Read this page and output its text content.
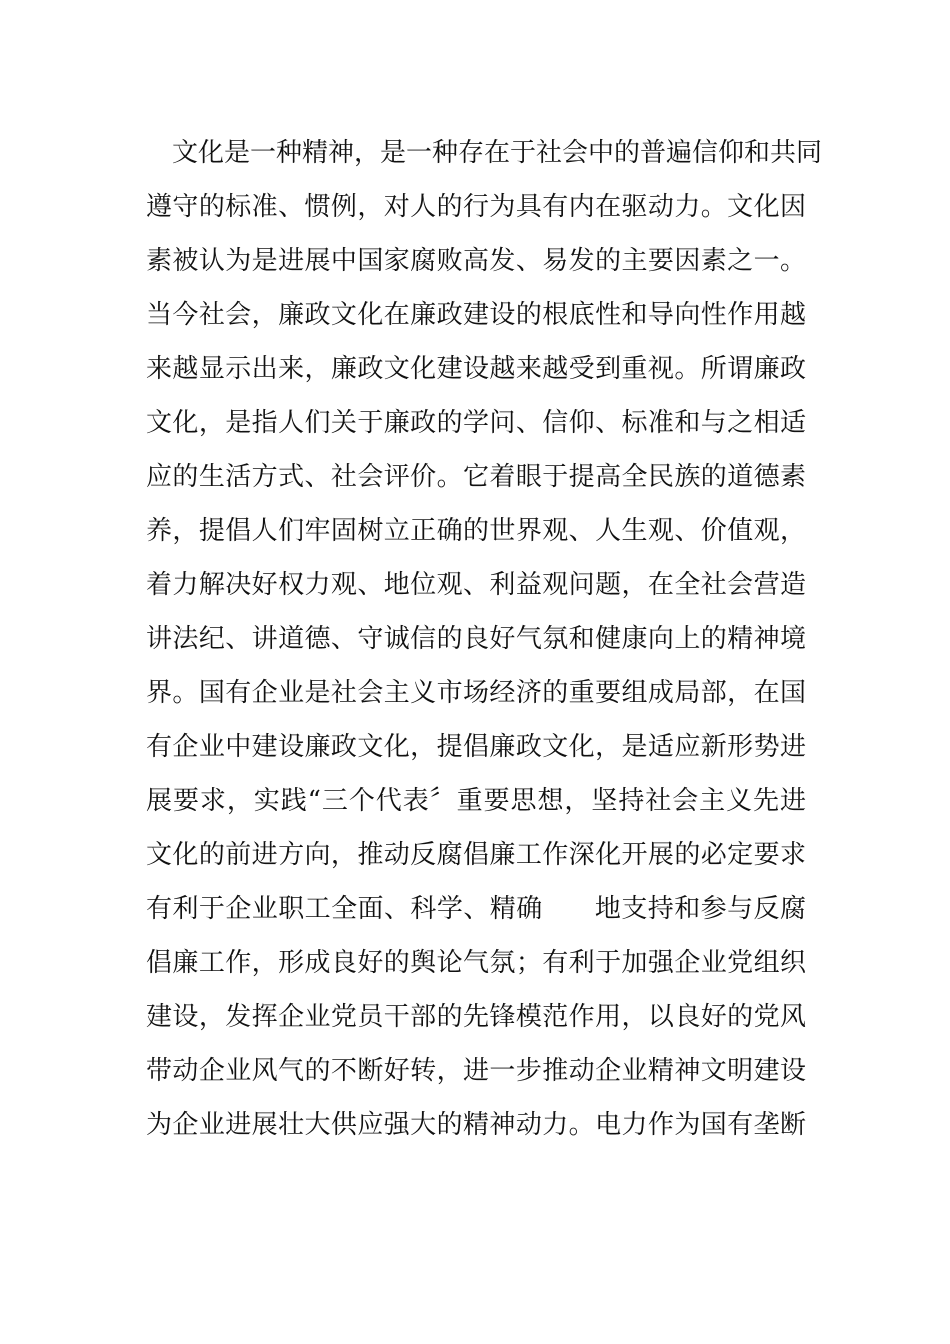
文化是一种精神，是一种存在于社会中的普遍信仰和共同
遵守的标准、惯例，对人的行为具有内在驱动力。文化因
素被认为是进展中国家腐败高发、易发的主要因素之一。
当今社会，廉政文化在廉政建设的根底性和导向性作用越
来越显示出来，廉政文化建设越来越受到重视。所谓廉政
文化，是指人们关于廉政的学问、信仰、标准和与之相适
应的生活方式、社会评价。它着眼于提高全民族的道德素
养，提倡人们牢固树立正确的世界观、人生观、价值观，
着力解决好权力观、地位观、利益观问题，在全社会营造
讲法纪、讲道德、守诚信的良好气氛和健康向上的精神境
界。国有企业是社会主义市场经济的重要组成局部，在国
有企业中建设廉政文化，提倡廉政文化，是适应新形势进
展要求，实践“三个代表〞重要思想，坚持社会主义先进
文化的前进方向，推动反腐倡廉工作深化开展的必定要求
有利于企业职工全面、科学、精确      地支持和参与反腐
倡廉工作，形成良好的舆论气氛；有利于加强企业党组织
建设，发挥企业党员干部的先锋模范作用，以良好的党风
带动企业风气的不断好转，进一步推动企业精神文明建设
为企业进展壮大供应强大的精神动力。电力作为国有垄断
